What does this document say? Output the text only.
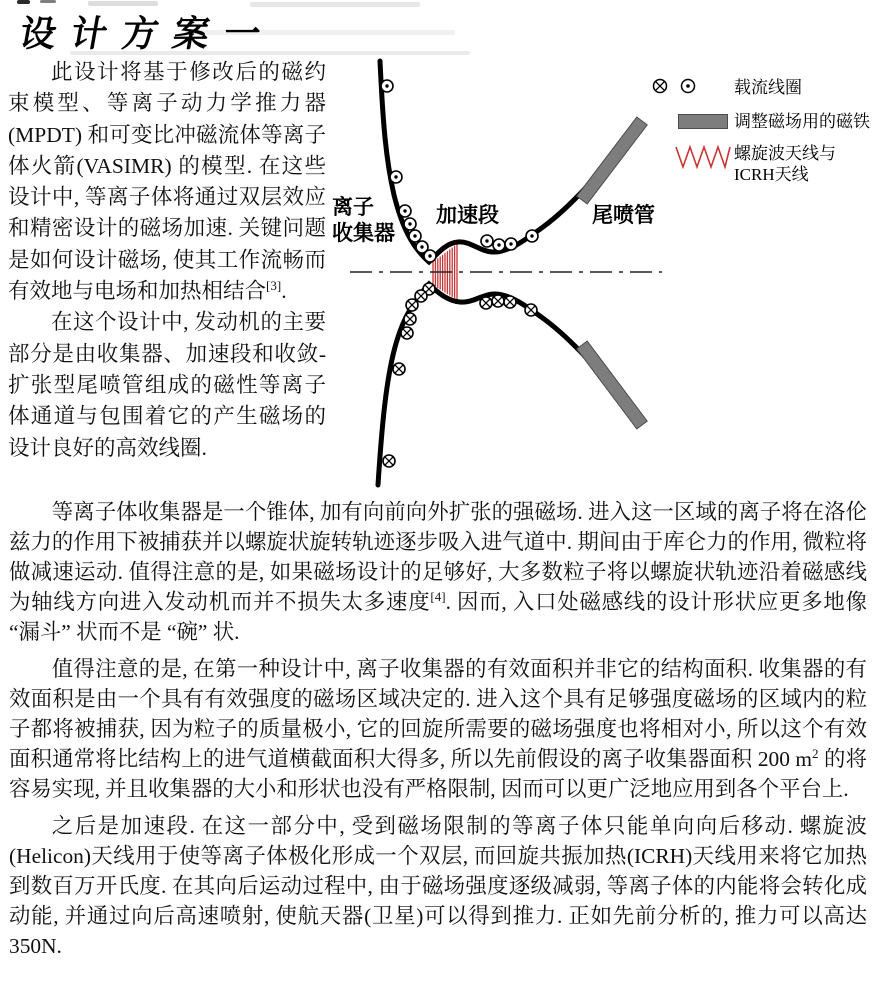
设计方案一

此设计将基于修改后的磁约束模型、等离子动力学推力器(MPDT) 和可变比冲磁流体等离子体火箭(VASIMR) 的模型. 在这些设计中, 等离子体将通过双层效应和精密设计的磁场加速. 关键问题是如何设计磁场, 使其工作流畅而有效地与电场和加热相结合[3].

在这个设计中, 发动机的主要部分是由收集器、加速段和收敛-扩张型尾喷管组成的磁性等离子体通道与包围着它的产生磁场的设计良好的高效线圈.

离子
收集器
加速段	尾喷管
载流线圈
调整磁场用的磁铁
螺旋波天线与
ICRH天线

等离子体收集器是一个锥体, 加有向前向外扩张的强磁场. 进入这一区域的离子将在洛伦兹力的作用下被捕获并以螺旋状旋转轨迹逐步吸入进气道中. 期间由于库仑力的作用, 微粒将做减速运动. 值得注意的是, 如果磁场设计的足够好, 大多数粒子将以螺旋状轨迹沿着磁感线为轴线方向进入发动机而并不损失太多速度[4]. 因而, 入口处磁感线的设计形状应更多地像 “漏斗” 状而不是 “碗” 状.

值得注意的是, 在第一种设计中, 离子收集器的有效面积并非它的结构面积. 收集器的有效面积是由一个具有有效强度的磁场区域决定的. 进入这个具有足够强度磁场的区域内的粒子都将被捕获, 因为粒子的质量极小, 它的回旋所需要的磁场强度也将相对小, 所以这个有效面积通常将比结构上的进气道横截面积大得多, 所以先前假设的离子收集器面积 200 $m^2$ 的将容易实现, 并且收集器的大小和形状也没有严格限制, 因而可以更广泛地应用到各个平台上.

之后是加速段. 在这一部分中, 受到磁场限制的等离子体只能单向向后移动. 螺旋波(Helicon)天线用于使等离子体极化形成一个双层, 而回旋共振加热(ICRH)天线用来将它加热到数百万开氏度. 在其向后运动过程中, 由于磁场强度逐级减弱, 等离子体的内能将会转化成动能, 并通过向后高速喷射, 使航天器(卫星)可以得到推力. 正如先前分析的, 推力可以高达 350N.
